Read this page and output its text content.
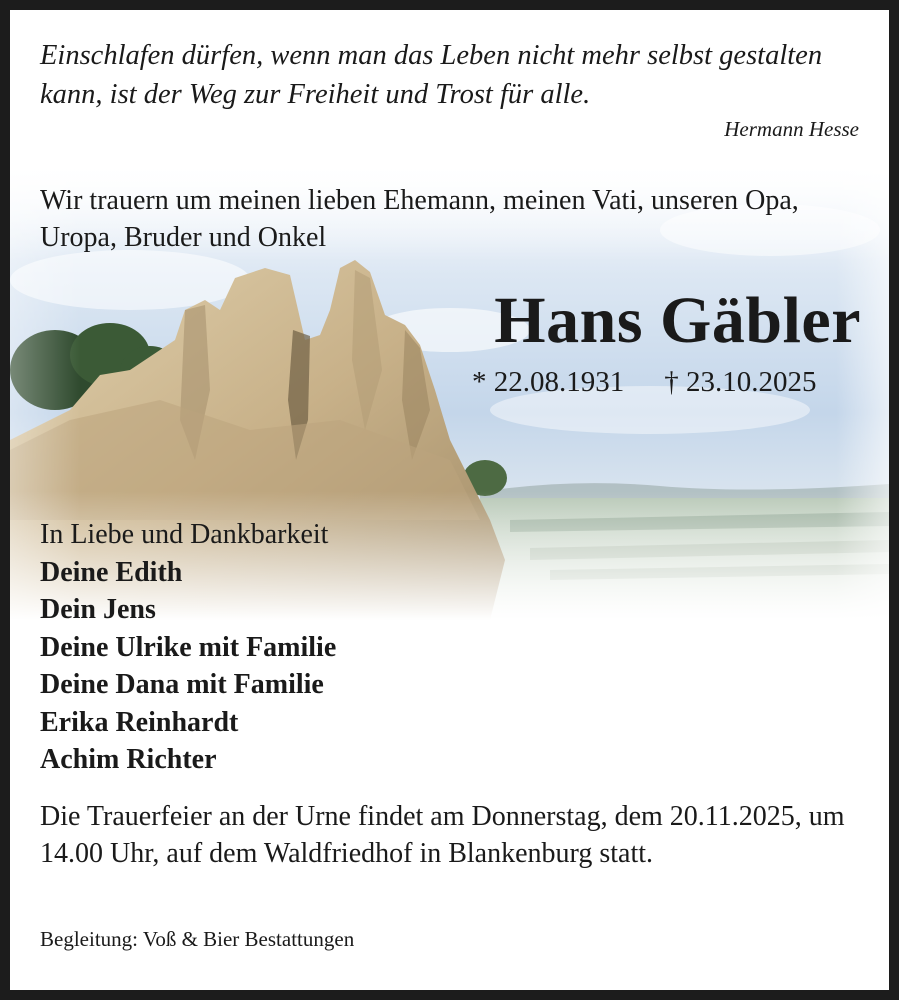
Einschlafen dürfen, wenn man das Leben nicht mehr selbst gestalten kann, ist der Weg zur Freiheit und Trost für alle.

Hermann Hesse

Wir trauern um meinen lieben Ehemann, meinen Vati, unseren Opa, Uropa, Bruder und Onkel

Hans Gäbler

* 22.08.1931 † 23.10.2025

In Liebe und Dankbarkeit
Deine Edith
Dein Jens
Deine Ulrike mit Familie
Deine Dana mit Familie
Erika Reinhardt
Achim Richter

Die Trauerfeier an der Urne findet am Donnerstag, dem 20.11.2025, um 14.00 Uhr, auf dem Waldfriedhof in Blankenburg statt.

Begleitung: Voß & Bier Bestattungen
